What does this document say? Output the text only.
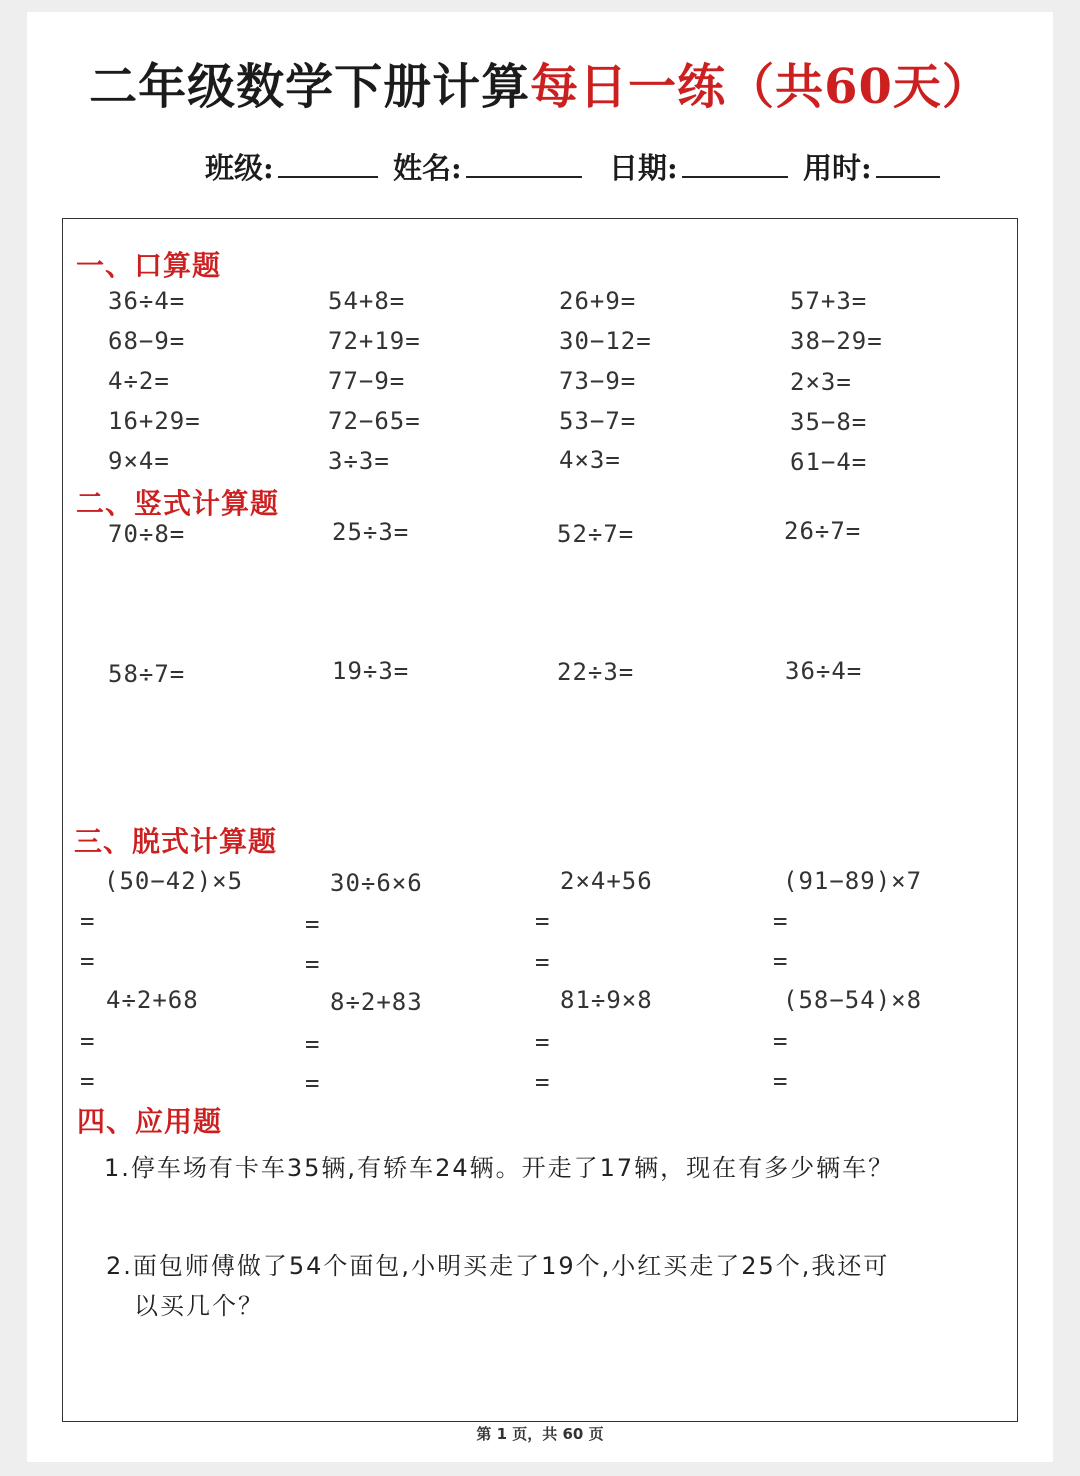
二年级数学下册计算每日一练（共60天）
班级:	姓名:	日期:	用时:
一、口算题
36÷4=	54+8=	26+9=	57+3=
68−9=	72+19=	30−12=	38−29=
4÷2=	77−9=	73−9=	2×3=
16+29=	72−65=	53−7=	35−8=
9×4=	3÷3=	4×3=	61−4=
二、竖式计算题
70÷8=	25÷3=	52÷7=	26÷7=
58÷7=	19÷3=	22÷3=	36÷4=
三、脱式计算题
(50−42)×5	30÷6×6	2×4+56	(91−89)×7
=	=	=	=
=	=	=	=
4÷2+68	8÷2+83	81÷9×8	(58−54)×8
=	=	=	=
=	=	=	=
四、应用题
1.停车场有卡车35辆,有轿车24辆。开走了17辆，现在有多少辆车？
2.面包师傅做了54个面包,小明买走了19个,小红买走了25个,我还可
以买几个？
第 1 页，共 60 页
